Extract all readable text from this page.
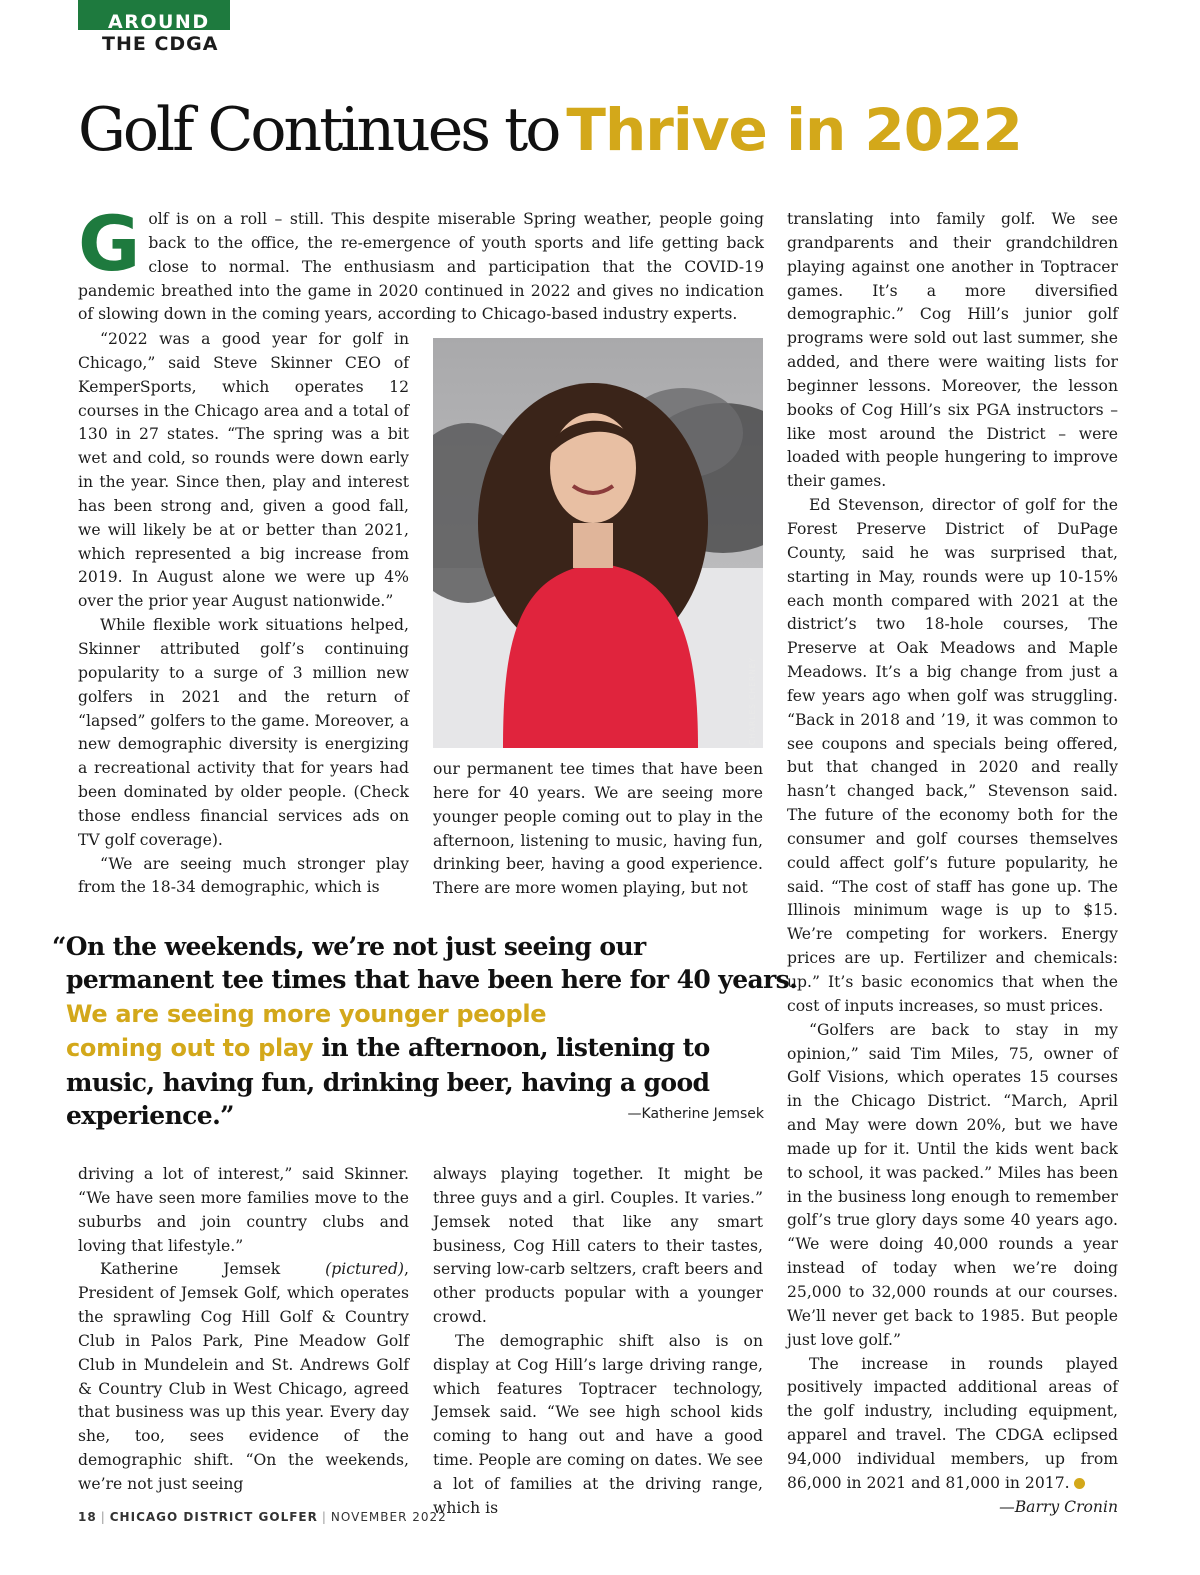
AROUND
THE CDGA
Golf Continues to Thrive in 2022
G olf is on a roll – still. This despite miserable Spring weather, people going back to the office, the re-emergence of youth sports and life getting back close to normal. The enthusiasm and participation that the COVID-19 pandemic breathed into the game in 2020 continued in 2022 and gives no indication of slowing down in the coming years, according to Chicago-based industry experts.

“2022 was a good year for golf in Chicago,” said Steve Skinner CEO of KemperSports, which operates 12 courses in the Chicago area and a total of 130 in 27 states. “The spring was a bit wet and cold, so rounds were down early in the year. Since then, play and interest has been strong and, given a good fall, we will likely be at or better than 2021, which represented a big increase from 2019. In August alone we were up 4% over the prior year August nationwide.”

While flexible work situations helped, Skinner attributed golf’s continuing popularity to a surge of 3 million new golfers in 2021 and the return of “lapsed” golfers to the game. Moreover, a new demographic diversity is energizing a recreational activity that for years had been dominated by older people. (Check those endless financial services ads on TV golf coverage).

“We are seeing much stronger play from the 18-34 demographic, which is

CHARLES CHERNEY

our permanent tee times that have been here for 40 years. We are seeing more younger people coming out to play in the afternoon, listening to music, having fun, drinking beer, having a good experience. There are more women playing, but not

translating into family golf. We see grandparents and their grandchildren playing against one another in Toptracer games. It’s a more diversified demographic.” Cog Hill’s junior golf programs were sold out last summer, she added, and there were waiting lists for beginner lessons. Moreover, the lesson books of Cog Hill’s six PGA instructors – like most around the District – were loaded with people hungering to improve their games.

Ed Stevenson, director of golf for the Forest Preserve District of DuPage County, said he was surprised that, starting in May, rounds were up 10-15% each month compared with 2021 at the district’s two 18-hole courses, The Preserve at Oak Meadows and Maple Meadows. It’s a big change from just a few years ago when golf was struggling. “Back in 2018 and ’19, it was common to see coupons and specials being offered, but that changed in 2020 and really hasn’t changed back,” Stevenson said. The future of the economy both for the consumer and golf courses themselves could affect golf’s future popularity, he said. “The cost of staff has gone up. The Illinois minimum wage is up to $15. We’re competing for workers. Energy prices are up. Fertilizer and chemicals: up.” It’s basic economics that when the cost of inputs increases, so must prices.

“Golfers are back to stay in my opinion,” said Tim Miles, 75, owner of Golf Visions, which operates 15 courses in the Chicago District. “March, April and May were down 20%, but we have made up for it. Until the kids went back to school, it was packed.” Miles has been in the business long enough to remember golf’s true glory days some 40 years ago. “We were doing 40,000 rounds a year instead of today when we’re doing 25,000 to 32,000 rounds at our courses. We’ll never get back to 1985. But people just love golf.”

The increase in rounds played positively impacted additional areas of the golf industry, including equipment, apparel and travel. The CDGA eclipsed 94,000 individual members, up from 86,000 in 2021 and 81,000 in 2017.

—Barry Cronin

“On the weekends, we’re not just seeing our
permanent tee times that have been here for 40 years.
We are seeing more younger people
coming out to play in the afternoon, listening to
music, having fun, drinking beer, having a good
experience.”	—Katherine Jemsek

driving a lot of interest,” said Skinner. “We have seen more families move to the suburbs and join country clubs and loving that lifestyle.”

Katherine Jemsek (pictured), President of Jemsek Golf, which operates the sprawling Cog Hill Golf & Country Club in Palos Park, Pine Meadow Golf Club in Mundelein and St. Andrews Golf & Country Club in West Chicago, agreed that business was up this year. Every day she, too, sees evidence of the demographic shift. “On the weekends, we’re not just seeing

always playing together. It might be three guys and a girl. Couples. It varies.” Jemsek noted that like any smart business, Cog Hill caters to their tastes, serving low-carb seltzers, craft beers and other products popular with a younger crowd.

The demographic shift also is on display at Cog Hill’s large driving range, which features Toptracer technology, Jemsek said. “We see high school kids coming to hang out and have a good time. People are coming on dates. We see a lot of families at the driving range, which is

18 | CHICAGO DISTRICT GOLFER | NOVEMBER 2022
